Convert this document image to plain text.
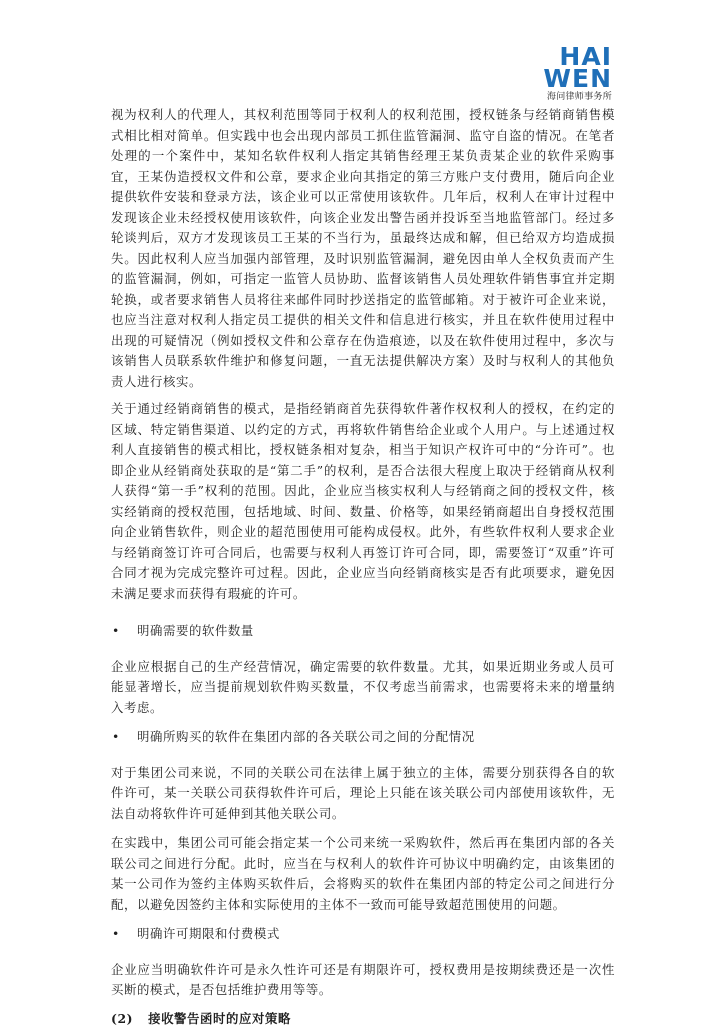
HAI
WEN
海问律师事务所

视为权利人的代理人，其权利范围等同于权利人的权利范围，授权链条与经销商销售模式相比相对简单。但实践中也会出现内部员工抓住监管漏洞、监守自盗的情况。在笔者处理的一个案件中，某知名软件权利人指定其销售经理王某负责某企业的软件采购事宜，王某伪造授权文件和公章，要求企业向其指定的第三方账户支付费用，随后向企业提供软件安装和登录方法，该企业可以正常使用该软件。几年后，权利人在审计过程中发现该企业未经授权使用该软件，向该企业发出警告函并投诉至当地监管部门。经过多轮谈判后，双方才发现该员工王某的不当行为，虽最终达成和解，但已给双方均造成损失。因此权利人应当加强内部管理，及时识别监管漏洞，避免因由单人全权负责而产生的监管漏洞，例如，可指定一监管人员协助、监督该销售人员处理软件销售事宜并定期轮换，或者要求销售人员将往来邮件同时抄送指定的监管邮箱。对于被许可企业来说，也应当注意对权利人指定员工提供的相关文件和信息进行核实，并且在软件使用过程中出现的可疑情况（例如授权文件和公章存在伪造痕迹，以及在软件使用过程中，多次与该销售人员联系软件维护和修复问题，一直无法提供解决方案）及时与权利人的其他负责人进行核实。

关于通过经销商销售的模式，是指经销商首先获得软件著作权权利人的授权，在约定的区域、特定销售渠道、以约定的方式，再将软件销售给企业或个人用户。与上述通过权利人直接销售的模式相比，授权链条相对复杂，相当于知识产权许可中的“分许可”。也即企业从经销商处获取的是“第二手”的权利，是否合法很大程度上取决于经销商从权利人获得“第一手”权利的范围。因此，企业应当核实权利人与经销商之间的授权文件，核实经销商的授权范围，包括地域、时间、数量、价格等，如果经销商超出自身授权范围向企业销售软件，则企业的超范围使用可能构成侵权。此外，有些软件权利人要求企业与经销商签订许可合同后，也需要与权利人再签订许可合同，即，需要签订“双重”许可合同才视为完成完整许可过程。因此，企业应当向经销商核实是否有此项要求，避免因未满足要求而获得有瑕疵的许可。

• 明确需要的软件数量

企业应根据自己的生产经营情况，确定需要的软件数量。尤其，如果近期业务或人员可能显著增长，应当提前规划软件购买数量，不仅考虑当前需求，也需要将未来的增量纳入考虑。

• 明确所购买的软件在集团内部的各关联公司之间的分配情况

对于集团公司来说，不同的关联公司在法律上属于独立的主体，需要分别获得各自的软件许可，某一关联公司获得软件许可后，理论上只能在该关联公司内部使用该软件，无法自动将软件许可延伸到其他关联公司。

在实践中，集团公司可能会指定某一个公司来统一采购软件，然后再在集团内部的各关联公司之间进行分配。此时，应当在与权利人的软件许可协议中明确约定，由该集团的某一公司作为签约主体购买软件后，会将购买的软件在集团内部的特定公司之间进行分配，以避免因签约主体和实际使用的主体不一致而可能导致超范围使用的问题。

• 明确许可期限和付费模式

企业应当明确软件许可是永久性许可还是有期限许可，授权费用是按期续费还是一次性买断的模式，是否包括维护费用等等。

(2) 接收警告函时的应对策略
